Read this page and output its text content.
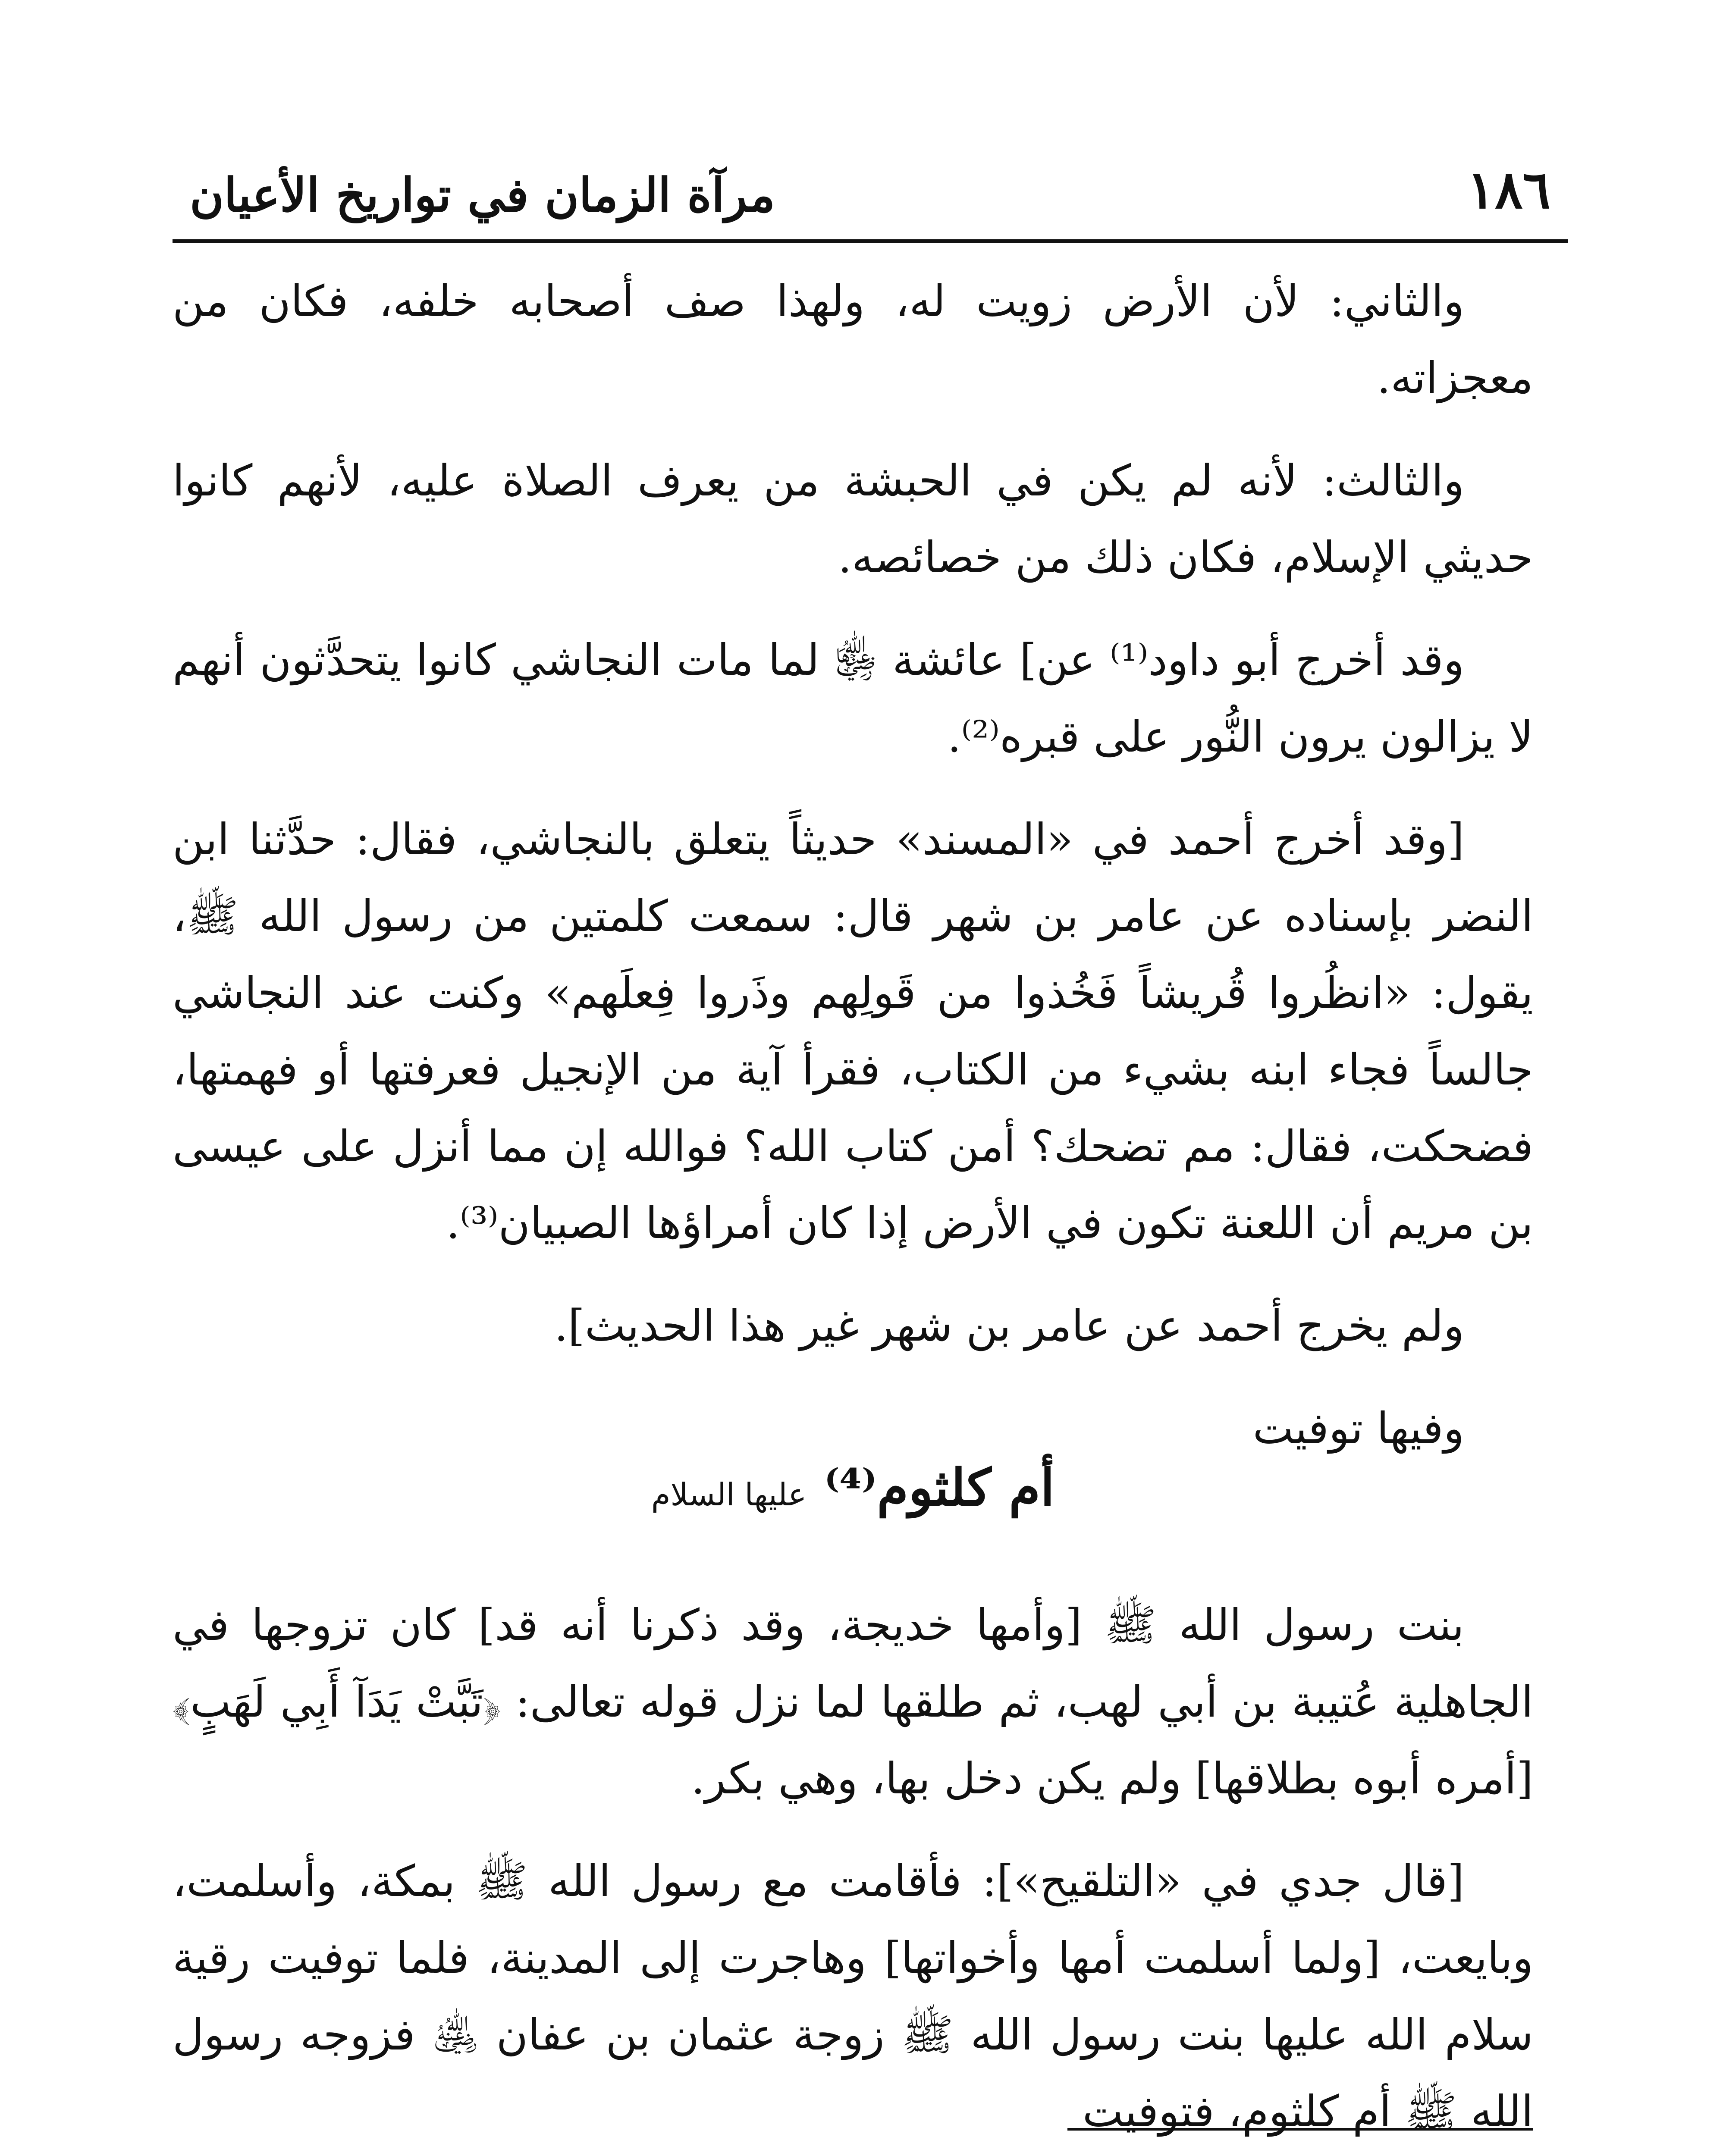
١٨٦
مرآة الزمان في تواريخ الأعيان

والثاني: لأن الأرض زويت له، ولهذا صف أصحابه خلفه، فكان من معجزاته.

والثالث: لأنه لم يكن في الحبشة من يعرف الصلاة عليه، لأنهم كانوا حديثي الإسلام، فكان ذلك من خصائصه.

وقد أخرج أبو داود⁽¹⁾ عن] عائشة ﵂ لما مات النجاشي كانوا يتحدَّثون أنهم لا يزالون يرون النُّور على قبره⁽²⁾.

[وقد أخرج أحمد في «المسند» حديثاً يتعلق بالنجاشي، فقال: حدَّثنا ابن النضر بإسناده عن عامر بن شهر قال: سمعت كلمتين من رسول الله ﷺ، يقول: «انظُروا قُريشاً فَخُذوا من قَولِهم وذَروا فِعلَهم» وكنت عند النجاشي جالساً فجاء ابنه بشيء من الكتاب، فقرأ آية من الإنجيل فعرفتها أو فهمتها، فضحكت، فقال: مم تضحك؟ أمن كتاب الله؟ فوالله إن مما أنزل على عيسى بن مريم أن اللعنة تكون في الأرض إذا كان أمراؤها الصبيان⁽³⁾.

ولم يخرج أحمد عن عامر بن شهر غير هذا الحديث].

وفيها توفيت

أم كلثوم⁽⁴⁾ عليها السلام

بنت رسول الله ﷺ [وأمها خديجة، وقد ذكرنا أنه قد] كان تزوجها في الجاهلية عُتيبة بن أبي لهب، ثم طلقها لما نزل قوله تعالى: ﴿تَبَّتْ يَدَآ أَبِي لَهَبٍ﴾ [أمره أبوه بطلاقها] ولم يكن دخل بها، وهي بكر.

[قال جدي في «التلقيح»]: فأقامت مع رسول الله ﷺ بمكة، وأسلمت، وبايعت، [ولما أسلمت أمها وأخواتها] وهاجرت إلى المدينة، فلما توفيت رقية سلام الله عليها بنت رسول الله ﷺ زوجة عثمان بن عفان ﵁ فزوجه رسول الله ﷺ أم كلثوم، فتوفيت
